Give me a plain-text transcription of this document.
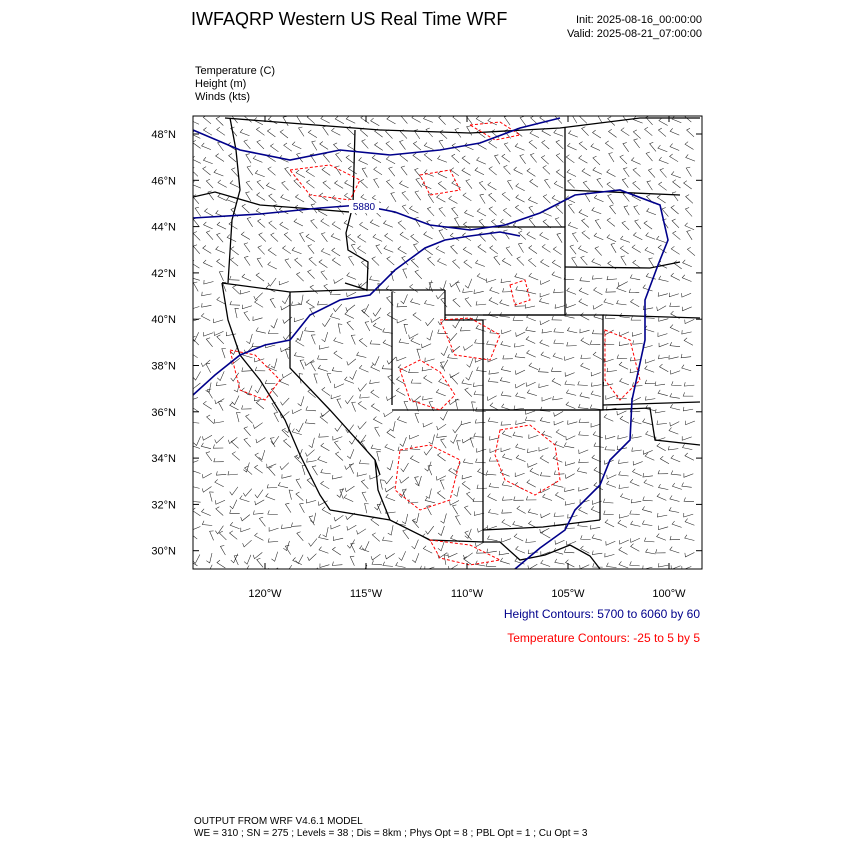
IWFAQRP Western US Real Time WRF	Init: 2025-08-16_00:00:00
Valid: 2025-08-21_07:00:00
Temperature (C)
Height (m)
Winds (kts)
5880
48°N
46°N
44°N
42°N
40°N
38°N
36°N
34°N
32°N
30°N
120°W	115°W	110°W	105°W	100°W
Height Contours: 5700 to 6060 by 60
Temperature Contours: -25 to 5 by 5
OUTPUT FROM WRF V4.6.1 MODEL
WE = 310 ; SN = 275 ; Levels = 38 ; Dis = 8km ; Phys Opt = 8 ; PBL Opt = 1 ; Cu Opt = 3
